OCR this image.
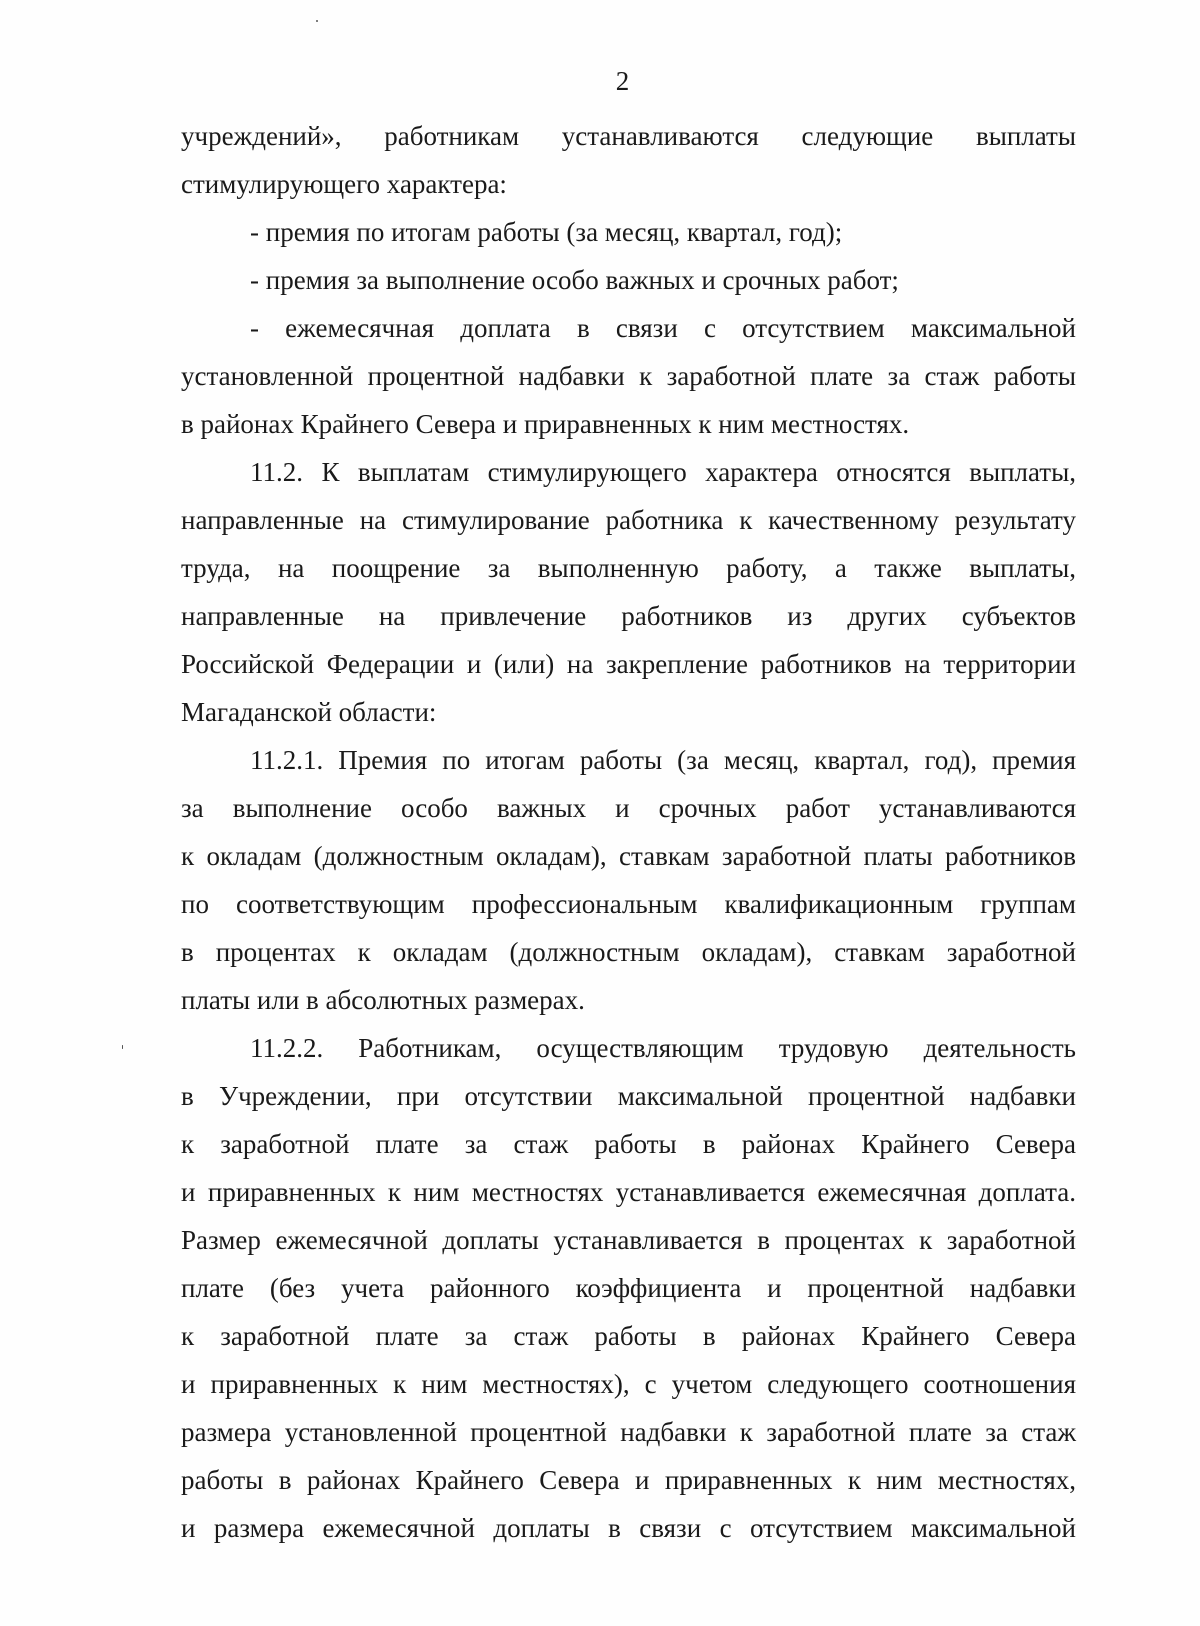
2
учреждений», работникам устанавливаются следующие выплаты
стимулирующего характера:
- премия по итогам работы (за месяц, квартал, год);
- премия за выполнение особо важных и срочных работ;
- ежемесячная доплата в связи с отсутствием максимальной
установленной процентной надбавки к заработной плате за стаж работы
в районах Крайнего Севера и приравненных к ним местностях.
11.2. К выплатам стимулирующего характера относятся выплаты,
направленные на стимулирование работника к качественному результату
труда, на поощрение за выполненную работу, а также выплаты,
направленные на привлечение работников из других субъектов
Российской Федерации и (или) на закрепление работников на территории
Магаданской области:
11.2.1. Премия по итогам работы (за месяц, квартал, год), премия
за выполнение особо важных и срочных работ устанавливаются
к окладам (должностным окладам), ставкам заработной платы работников
по соответствующим профессиональным квалификационным группам
в процентах к окладам (должностным окладам), ставкам заработной
платы или в абсолютных размерах.
11.2.2. Работникам, осуществляющим трудовую деятельность
в Учреждении, при отсутствии максимальной процентной надбавки
к заработной плате за стаж работы в районах Крайнего Севера
и приравненных к ним местностях устанавливается ежемесячная доплата.
Размер ежемесячной доплаты устанавливается в процентах к заработной
плате (без учета районного коэффициента и процентной надбавки
к заработной плате за стаж работы в районах Крайнего Севера
и приравненных к ним местностях), с учетом следующего соотношения
размера установленной процентной надбавки к заработной плате за стаж
работы в районах Крайнего Севера и приравненных к ним местностях,
и размера ежемесячной доплаты в связи с отсутствием максимальной
